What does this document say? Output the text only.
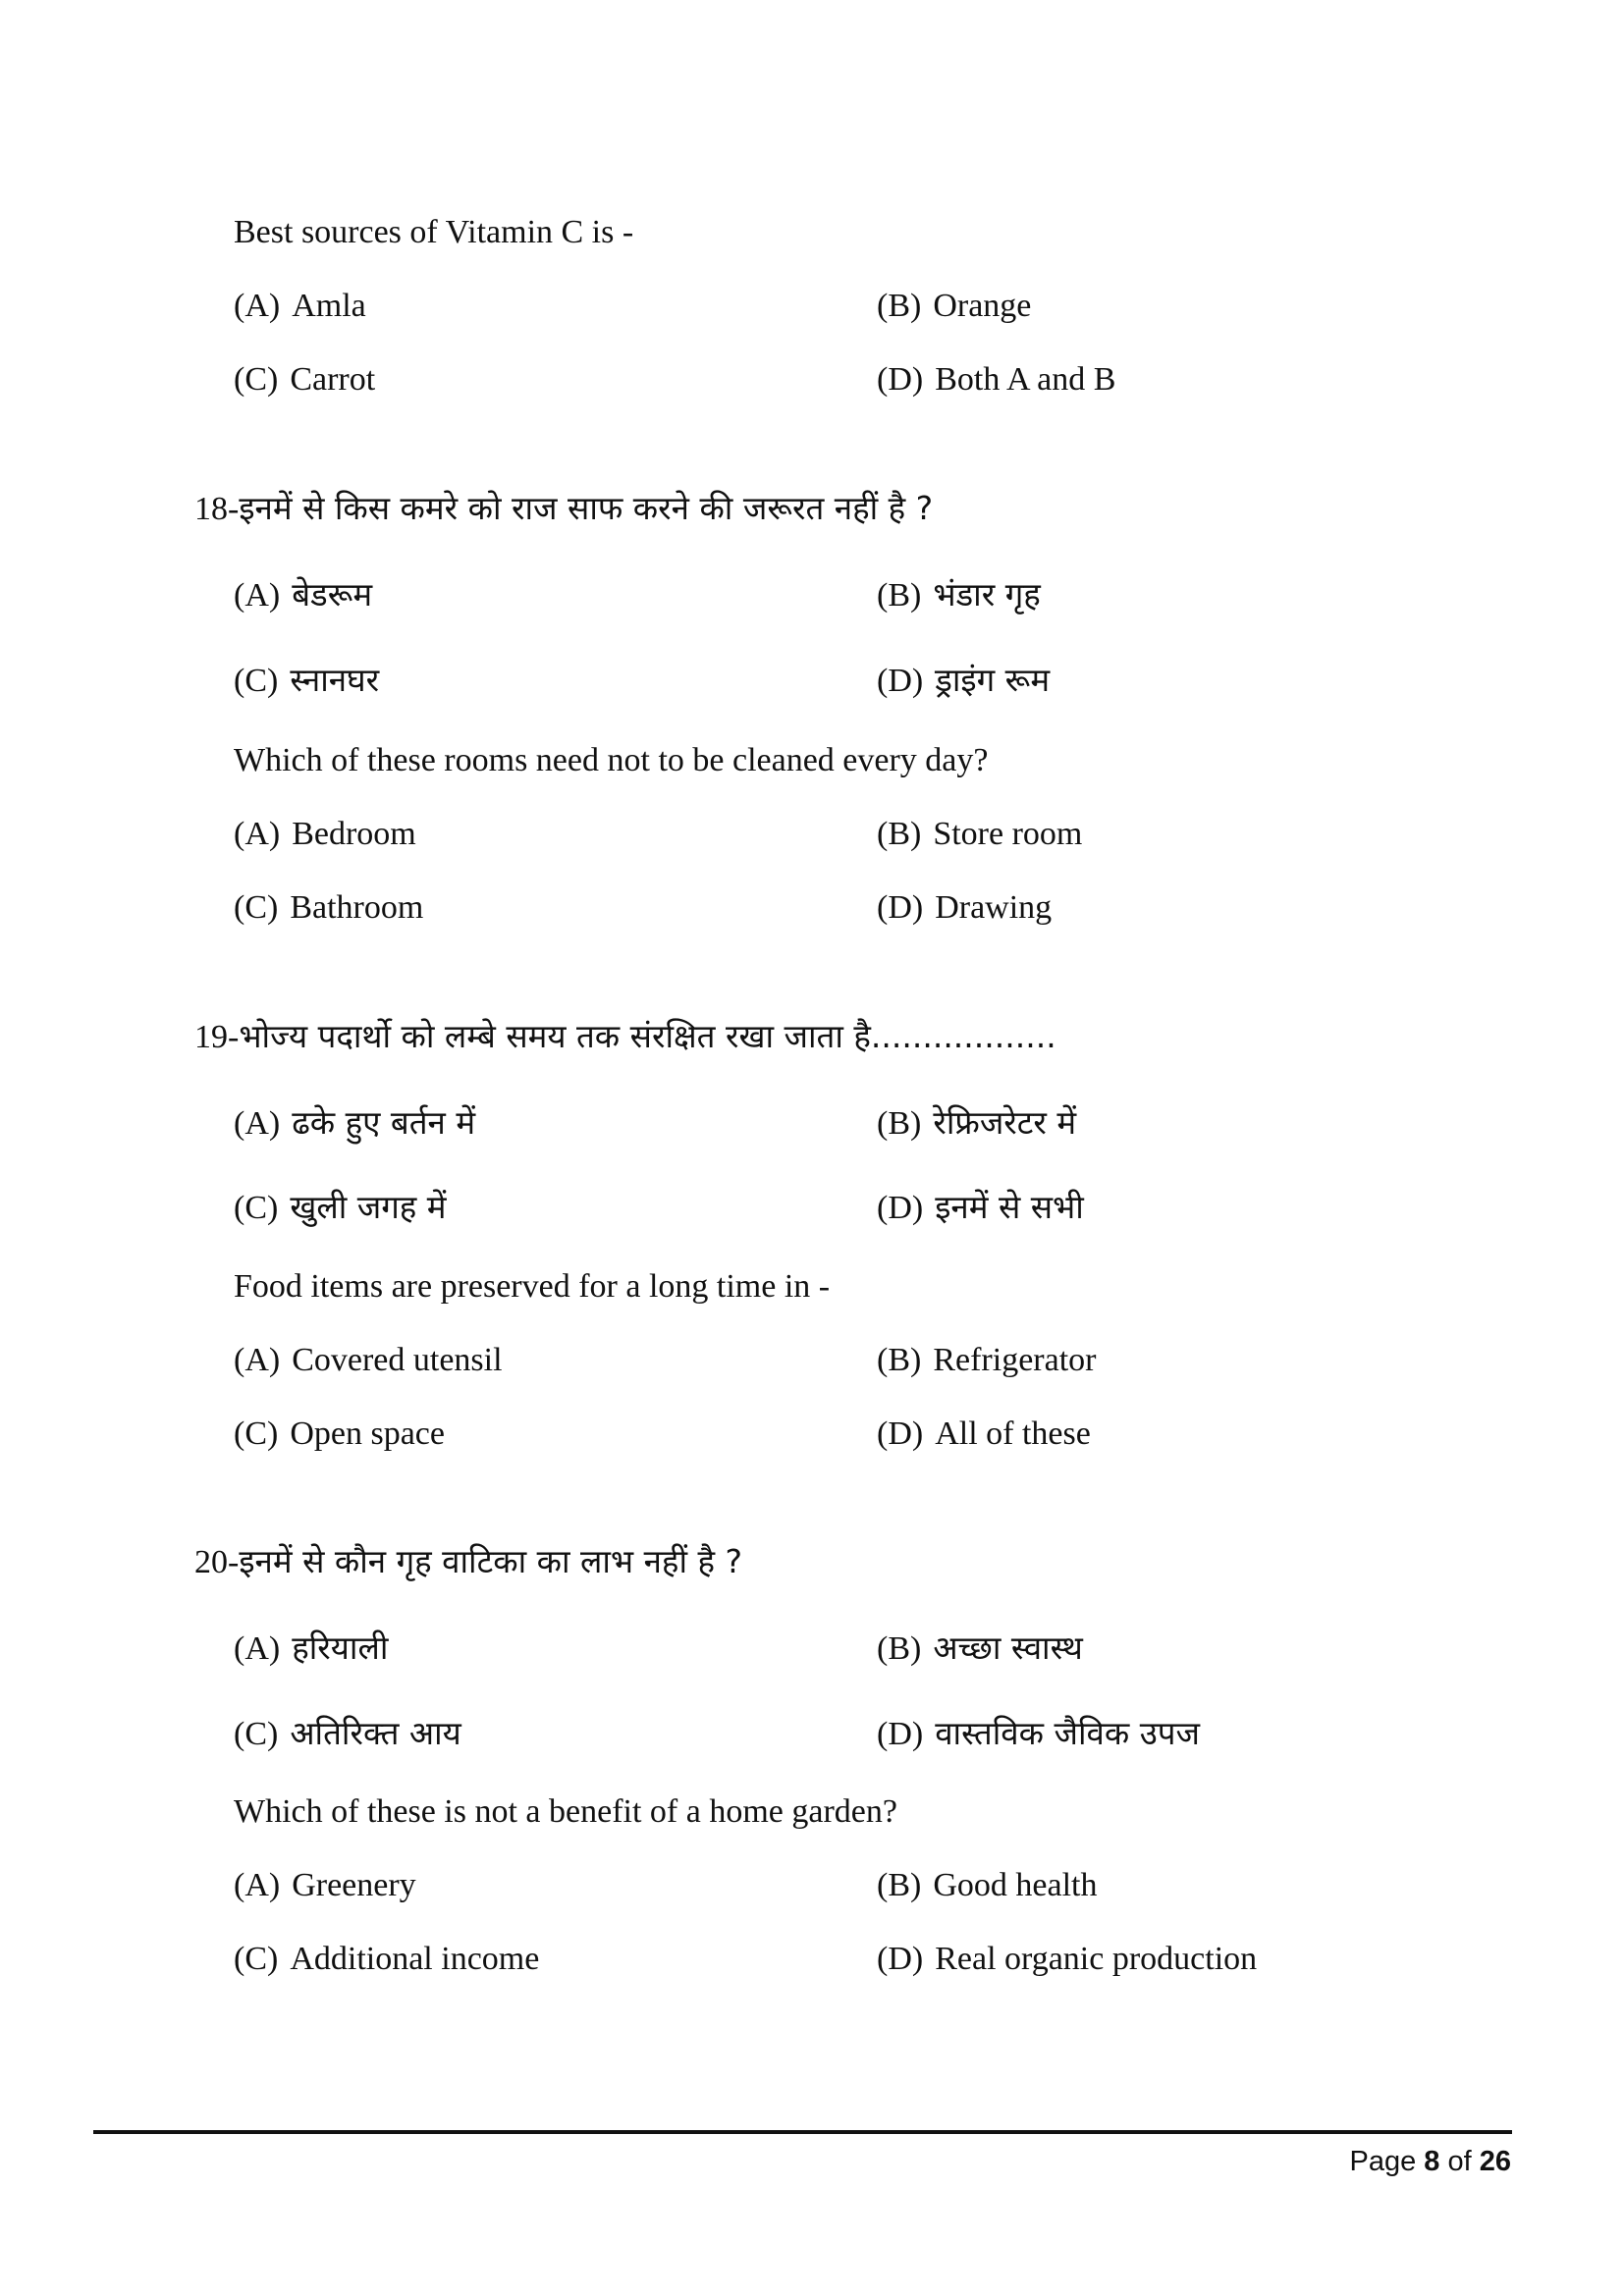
Best sources of Vitamin C is -
(A) Amla	(B) Orange
(C) Carrot	(D) Both A and B
18-इनमें से किस कमरे को राज साफ करने की जरूरत नहीं है ?
(A) बेडरूम	(B) भंडार गृह
(C) स्नानघर	(D) ड्राइंग रूम
Which of these rooms need not to be cleaned every day?
(A) Bedroom	(B) Store room
(C) Bathroom	(D) Drawing
19-भोज्य पदार्थो को लम्बे समय तक संरक्षित रखा जाता है..................
(A) ढके हुए बर्तन में	(B) रेफ्रिजरेटर में
(C) खुली जगह में	(D) इनमें से सभी
Food items are preserved for a long time in -
(A) Covered utensil	(B) Refrigerator
(C) Open space	(D) All of these
20-इनमें से कौन गृह वाटिका का लाभ नहीं है ?
(A) हरियाली	(B) अच्छा स्वास्थ
(C) अतिरिक्त आय	(D) वास्तविक जैविक उपज
Which of these is not a benefit of a home garden?
(A) Greenery	(B) Good health
(C) Additional income	(D) Real organic production
Page 8 of 26
